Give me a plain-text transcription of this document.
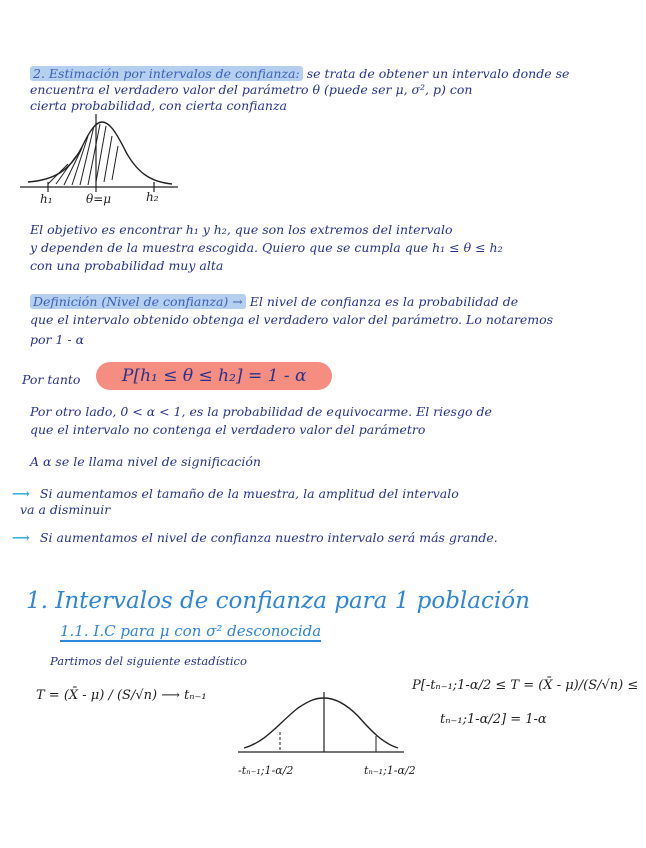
2. Estimación por intervalos de confianza: se trata de obtener un intervalo donde se
encuentra el verdadero valor del parámetro θ (puede ser μ, σ², p) con
cierta probabilidad, con cierta confianza
h₁	θ=μ	h₂
El objetivo es encontrar h₁ y h₂, que son los extremos del intervalo
y dependen de la muestra escogida. Quiero que se cumpla que h₁ ≤ θ ≤ h₂
con una probabilidad muy alta
Definición (Nivel de confianza) → El nivel de confianza es la probabilidad de
que el intervalo obtenido obtenga el verdadero valor del parámetro. Lo notaremos
por 1 - α
Por tanto	P[h₁ ≤ θ ≤ h₂] = 1 - α
Por otro lado, 0 < α < 1, es la probabilidad de equivocarme. El riesgo de
que el intervalo no contenga el verdadero valor del parámetro
A α se le llama nivel de significación
⟶ Si aumentamos el tamaño de la muestra, la amplitud del intervalo
va a disminuir
⟶ Si aumentamos el nivel de confianza nuestro intervalo será más grande.
1. Intervalos de confianza para 1 población
1.1. I.C para μ con σ² desconocida
Partimos del siguiente estadístico
T = (X̄ - μ) / (S/√n) ⟶ tₙ₋₁
P[-tₙ₋₁;1-α/2 ≤ T = (X̄ - μ)/(S/√n) ≤
tₙ₋₁;1-α/2] = 1-α
-tₙ₋₁;1-α/2	tₙ₋₁;1-α/2
